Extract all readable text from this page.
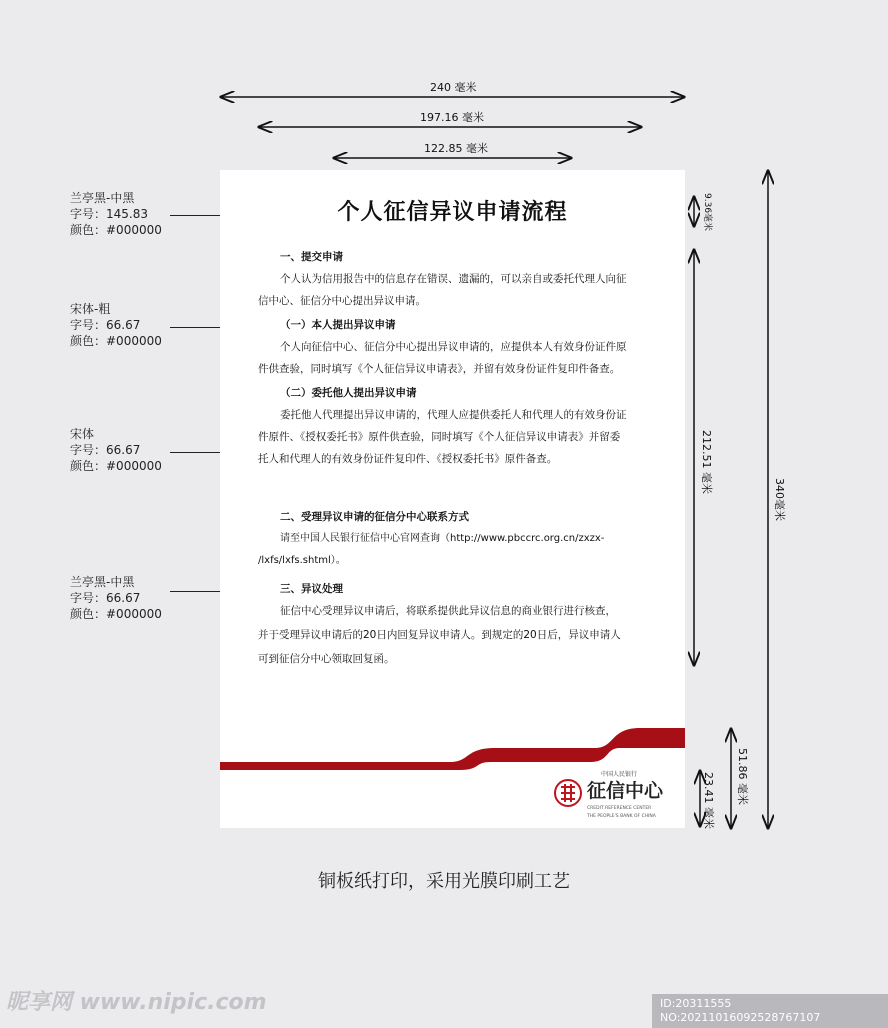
240 毫米
197.16 毫米
122.85 毫米
9.36毫米
212.51 毫米
340毫米
51.86 毫米
23.41 毫米
兰亭黑-中黑
字号：145.83
颜色：#000000
宋体-粗
字号：66.67
颜色：#000000
宋体
字号：66.67
颜色：#000000
兰亭黑-中黑
字号：66.67
颜色：#000000
个人征信异议申请流程
一、提交申请
个人认为信用报告中的信息存在错误、遗漏的，可以亲自或委托代理人向征
信中心、征信分中心提出异议申请。
（一）本人提出异议申请
个人向征信中心、征信分中心提出异议申请的，应提供本人有效身份证件原
件供查验，同时填写《个人征信异议申请表》，并留有效身份证件复印件备查。
（二）委托他人提出异议申请
委托他人代理提出异议申请的，代理人应提供委托人和代理人的有效身份证
件原件、《授权委托书》原件供查验，同时填写《个人征信异议申请表》并留委
托人和代理人的有效身份证件复印件、《授权委托书》原件备查。
二、受理异议申请的征信分中心联系方式
请至中国人民银行征信中心官网查询（http://www.pbccrc.org.cn/zxzx-
/lxfs/lxfs.shtml）。
三、异议处理
征信中心受理异议申请后，将联系提供此异议信息的商业银行进行核查，
并于受理异议申请后的20日内回复异议申请人。到规定的20日后，异议申请人
可到征信分中心领取回复函。
中国人民银行
征信中心
CREDIT REFERENCE CENTER
THE PEOPLE'S BANK OF CHINA
铜板纸打印，采用光膜印刷工艺
昵享网 www.nipic.com	ID:20311555 NO:20211016092528767107
